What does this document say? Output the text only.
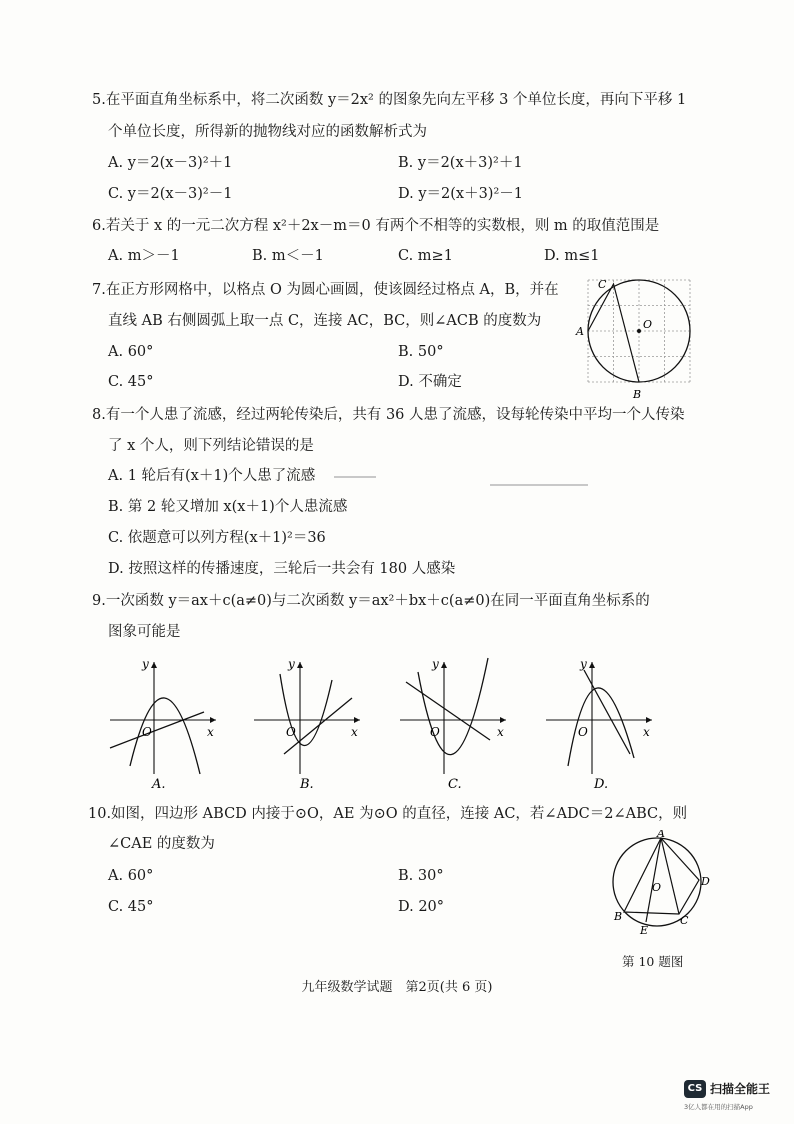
5.在平面直角坐标系中，将二次函数 y＝2x² 的图象先向左平移 3 个单位长度，再向下平移 1
个单位长度，所得新的抛物线对应的函数解析式为
A. y＝2(x－3)²＋1	B. y＝2(x＋3)²＋1
C. y＝2(x－3)²－1	D. y＝2(x＋3)²－1
6.若关于 x 的一元二次方程 x²＋2x－m＝0 有两个不相等的实数根，则 m 的取值范围是
A. m＞－1	B. m＜－1	C. m≥1	D. m≤1
7.在正方形网格中，以格点 O 为圆心画圆，使该圆经过格点 A，B，并在
直线 AB 右侧圆弧上取一点 C，连接 AC，BC，则∠ACB 的度数为
A. 60°	B. 50°
C. 45°	D. 不确定
C
A
O
B
8.有一个人患了流感，经过两轮传染后，共有 36 人患了流感，设每轮传染中平均一个人传染
了 x 个人，则下列结论错误的是
A. 1 轮后有(x＋1)个人患了流感
B. 第 2 轮又增加 x(x＋1)个人患流感
C. 依题意可以列方程(x＋1)²＝36
D. 按照这样的传播速度，三轮后一共会有 180 人感染
9.一次函数 y＝ax＋c(a≠0)与二次函数 y＝ax²＋bx＋c(a≠0)在同一平面直角坐标系的
图象可能是
O	x
y
A.
O	x
y
B.
O	x
y
C.
O	x
y
D.
10.如图，四边形 ABCD 内接于⊙O，AE 为⊙O 的直径，连接 AC，若∠ADC＝2∠ABC，则
∠CAE 的度数为
A. 60°	B. 30°
C. 45°	D. 20°
A
O	D
B
E
C
第 10 题图
九年级数学试题　第2页(共 6 页)
CS 扫描全能王
3亿人都在用的扫描App
